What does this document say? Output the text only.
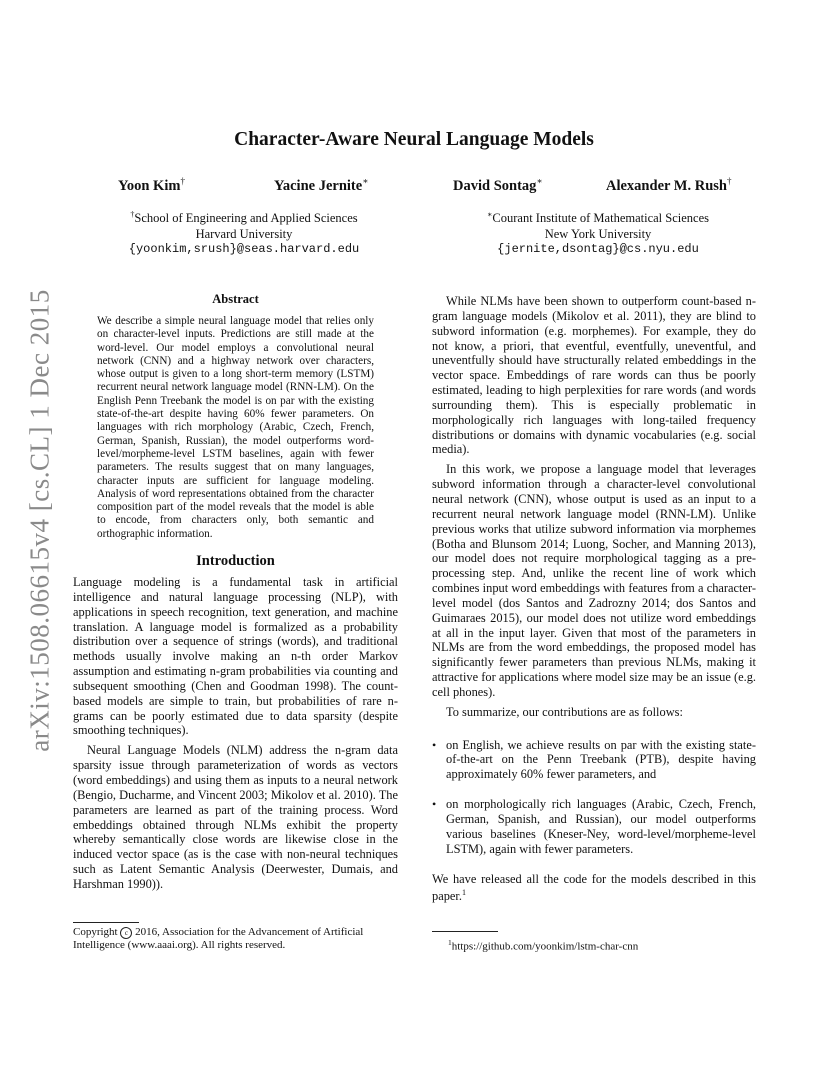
arXiv:1508.06615v4 [cs.CL] 1 Dec 2015
Character-Aware Neural Language Models
Yoon Kim†	Yacine Jernite∗	David Sontag∗	Alexander M. Rush†
†School of Engineering and Applied Sciences
Harvard University
{yoonkim,srush}@seas.harvard.edu
∗Courant Institute of Mathematical Sciences
New York University
{jernite,dsontag}@cs.nyu.edu
Abstract

We describe a simple neural language model that relies only on character-level inputs. Predictions are still made at the word-level. Our model employs a convolutional neural network (CNN) and a highway network over characters, whose output is given to a long short-term memory (LSTM) recurrent neural network language model (RNN-LM). On the English Penn Treebank the model is on par with the existing state-of-the-art despite having 60% fewer parameters. On languages with rich morphology (Arabic, Czech, French, German, Spanish, Russian), the model outperforms word-level/morpheme-level LSTM baselines, again with fewer parameters. The results suggest that on many languages, character inputs are sufficient for language modeling. Analysis of word representations obtained from the character composition part of the model reveals that the model is able to encode, from characters only, both semantic and orthographic information.

Introduction

Language modeling is a fundamental task in artificial intelligence and natural language processing (NLP), with applications in speech recognition, text generation, and machine translation. A language model is formalized as a probability distribution over a sequence of strings (words), and traditional methods usually involve making an n-th order Markov assumption and estimating n-gram probabilities via counting and subsequent smoothing (Chen and Goodman 1998). The count-based models are simple to train, but probabilities of rare n-grams can be poorly estimated due to data sparsity (despite smoothing techniques).

Neural Language Models (NLM) address the n-gram data sparsity issue through parameterization of words as vectors (word embeddings) and using them as inputs to a neural network (Bengio, Ducharme, and Vincent 2003; Mikolov et al. 2010). The parameters are learned as part of the training process. Word embeddings obtained through NLMs exhibit the property whereby semantically close words are likewise close in the induced vector space (as is the case with non-neural techniques such as Latent Semantic Analysis (Deerwester, Dumais, and Harshman 1990)).

While NLMs have been shown to outperform count-based n-gram language models (Mikolov et al. 2011), they are blind to subword information (e.g. morphemes). For example, they do not know, a priori, that eventful, eventfully, uneventful, and uneventfully should have structurally related embeddings in the vector space. Embeddings of rare words can thus be poorly estimated, leading to high perplexities for rare words (and words surrounding them). This is especially problematic in morphologically rich languages with long-tailed frequency distributions or domains with dynamic vocabularies (e.g. social media).

In this work, we propose a language model that leverages subword information through a character-level convolutional neural network (CNN), whose output is used as an input to a recurrent neural network language model (RNN-LM). Unlike previous works that utilize subword information via morphemes (Botha and Blunsom 2014; Luong, Socher, and Manning 2013), our model does not require morphological tagging as a pre-processing step. And, unlike the recent line of work which combines input word embeddings with features from a character-level model (dos Santos and Zadrozny 2014; dos Santos and Guimaraes 2015), our model does not utilize word embeddings at all in the input layer. Given that most of the parameters in NLMs are from the word embeddings, the proposed model has significantly fewer parameters than previous NLMs, making it attractive for applications where model size may be an issue (e.g. cell phones).

To summarize, our contributions are as follows:

• on English, we achieve results on par with the existing state-of-the-art on the Penn Treebank (PTB), despite having approximately 60% fewer parameters, and
• on morphologically rich languages (Arabic, Czech, French, German, Spanish, and Russian), our model outperforms various baselines (Kneser-Ney, word-level/morpheme-level LSTM), again with fewer parameters.

We have released all the code for the models described in this paper.$^1$

Copyright c 2016, Association for the Advancement of Artificial Intelligence (www.aaai.org). All rights reserved.	$^1$https://github.com/yoonkim/lstm-char-cnn
